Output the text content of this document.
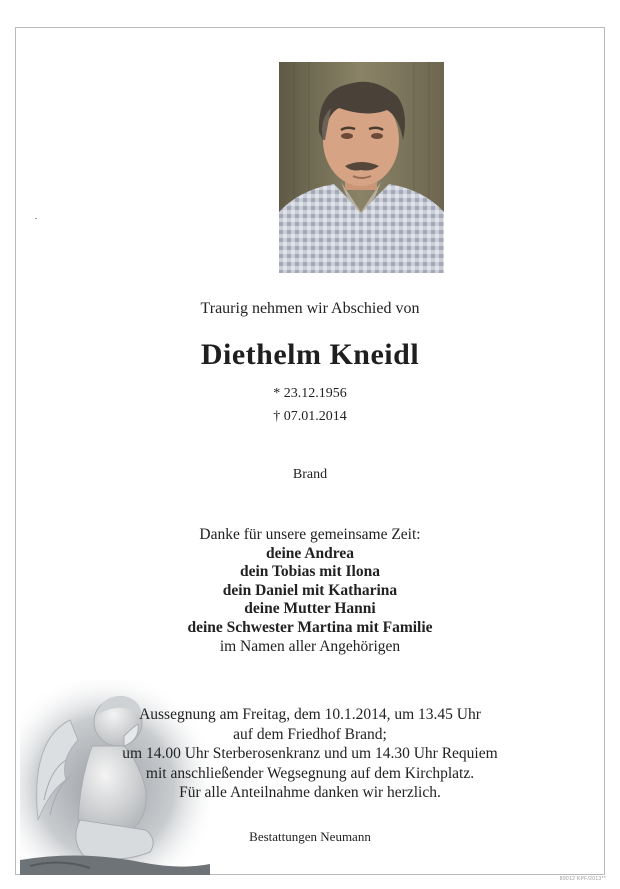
Traurig nehmen wir Abschied von
Diethelm Kneidl
* 23.12.1956
† 07.01.2014
Brand
Danke für unsere gemeinsame Zeit:
deine Andrea
dein Tobias mit Ilona
dein Daniel mit Katharina
deine Mutter Hanni
deine Schwester Martina mit Familie
im Namen aller Angehörigen
Aussegnung am Freitag, dem 10.1.2014, um 13.45 Uhr
auf dem Friedhof Brand;
um 14.00 Uhr Sterberosenkranz und um 14.30 Uhr Requiem
mit anschließender Wegsegnung auf dem Kirchplatz.
Für alle Anteilnahme danken wir herzlich.
Bestattungen Neumann
89012 KPF/2013**
